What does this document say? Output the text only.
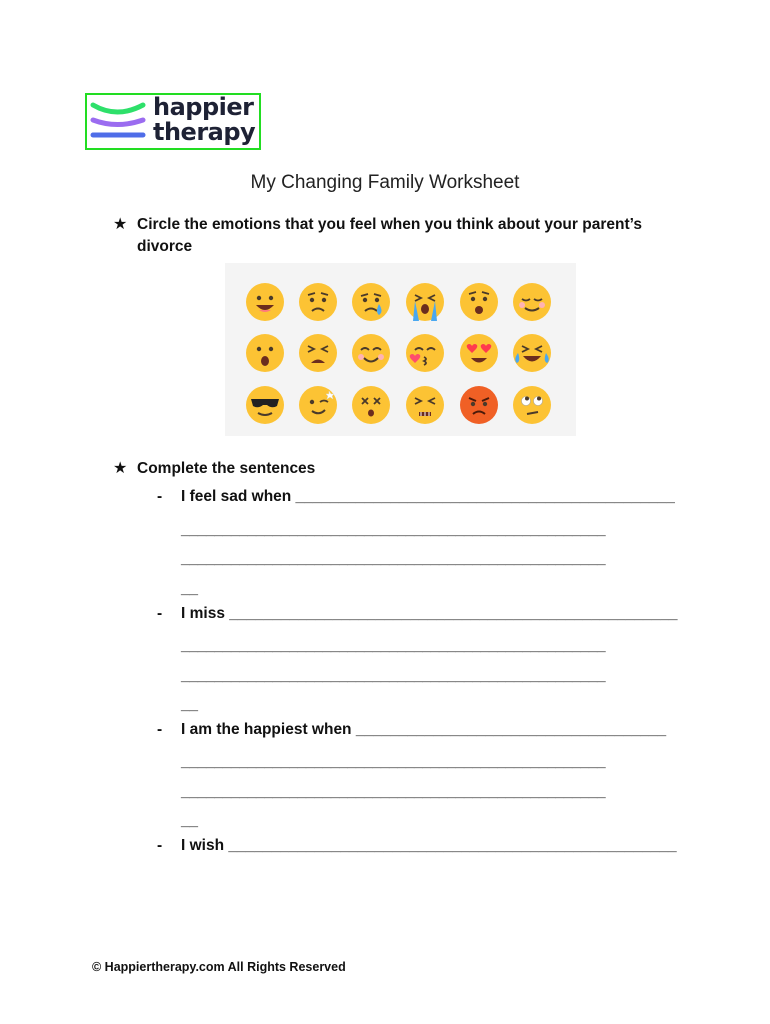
happier
therapy
My Changing Family Worksheet
★ Circle the emotions that you feel when you think about your parent’s divorce
★ Complete the sentences
- I feel sad when ____________________________________________
___________________________________________________
___________________________________________________
__
- I miss ____________________________________________________
___________________________________________________
___________________________________________________
__
- I am the happiest when ____________________________________
___________________________________________________
___________________________________________________
__
- I wish ____________________________________________________
© Happiertherapy.com All Rights Reserved
